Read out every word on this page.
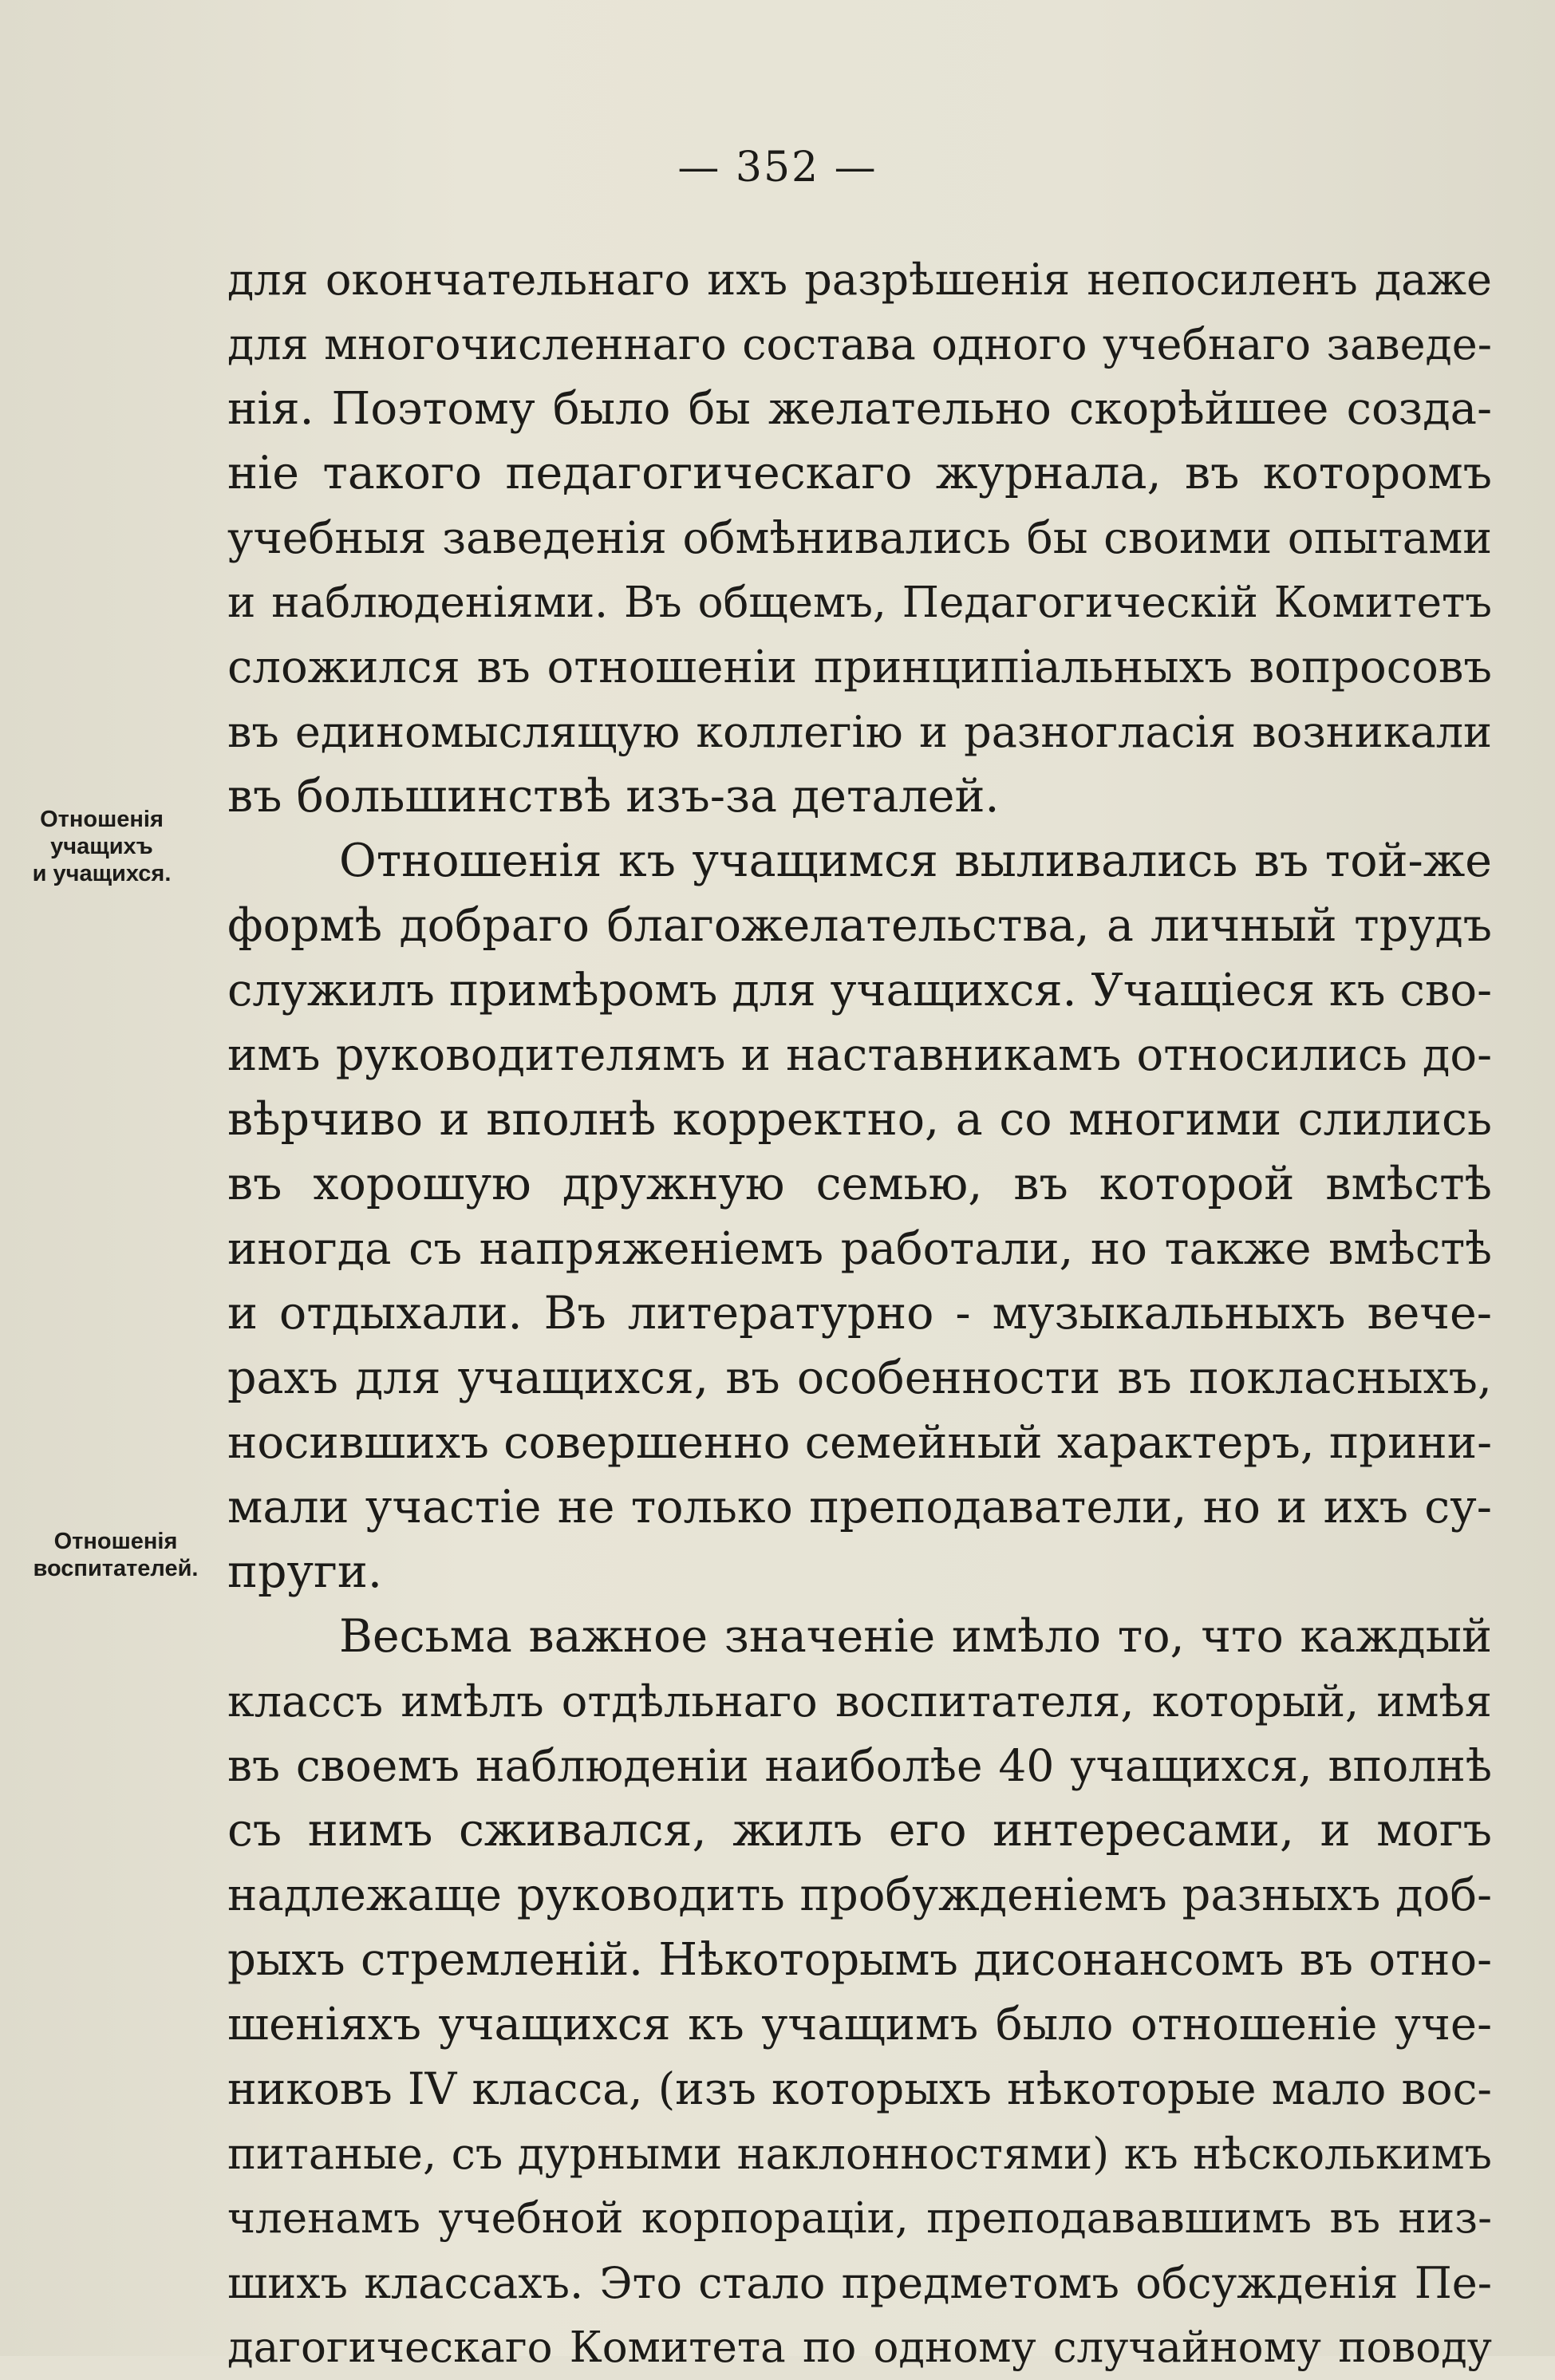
— 352 —
Отношенія
учащихъ
и учащихся.
Отношенія
воспитателей.
для окончательнаго ихъ разрѣшенія непосиленъ даже
для многочисленнаго состава одного учебнаго заведе-
нія. Поэтому было бы желательно скорѣйшее созда-
ніе такого педагогическаго журнала, въ которомъ
учебныя заведенія обмѣнивались бы своими опытами
и наблюденіями. Въ общемъ, Педагогическій Комитетъ
сложился въ отношеніи принципіальныхъ вопросовъ
въ единомыслящую коллегію и разногласія возникали
въ большинствѣ изъ-за деталей.
Отношенія къ учащимся выливались въ той-же
формѣ добраго благожелательства, а личный трудъ
служилъ примѣромъ для учащихся. Учащіеся къ сво-
имъ руководителямъ и наставникамъ относились до-
вѣрчиво и вполнѣ корректно, а со многими слились
въ хорошую дружную семью, въ которой вмѣстѣ
иногда съ напряженіемъ работали, но также вмѣстѣ
и отдыхали. Въ литературно - музыкальныхъ вече-
рахъ для учащихся, въ особенности въ покласныхъ,
носившихъ совершенно семейный характеръ, прини-
мали участіе не только преподаватели, но и ихъ су-
пруги.
Весьма важное значеніе имѣло то, что каждый
классъ имѣлъ отдѣльнаго воспитателя, который, имѣя
въ своемъ наблюденіи наиболѣе 40 учащихся, вполнѣ
съ нимъ сживался, жилъ его интересами, и могъ
надлежаще руководить пробужденіемъ разныхъ доб-
рыхъ стремленій. Нѣкоторымъ дисонансомъ въ отно-
шеніяхъ учащихся къ учащимъ было отношеніе уче-
никовъ IV класса, (изъ которыхъ нѣкоторые мало вос-
питаные, съ дурными наклонностями) къ нѣсколькимъ
членамъ учебной корпораціи, преподававшимъ въ низ-
шихъ классахъ. Это стало предметомъ обсужденія Пе-
дагогическаго Комитета по одному случайному поводу
